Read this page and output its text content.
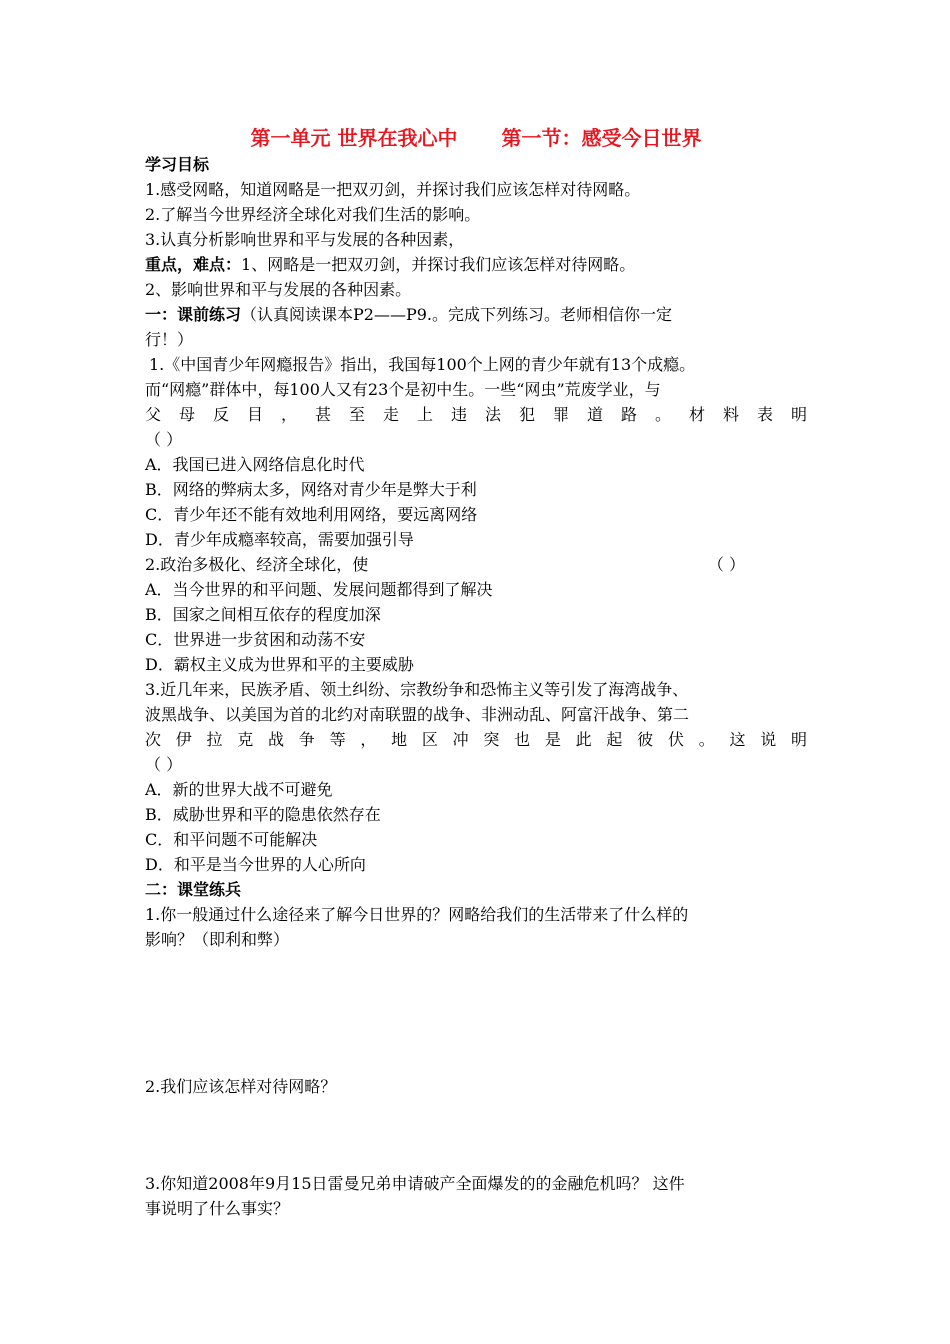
第一单元 世界在我心中 第一节：感受今日世界
学习目标
1.感受网略，知道网略是一把双刃剑，并探讨我们应该怎样对待网略。
2.了解当今世界经济全球化对我们生活的影响。
3.认真分析影响世界和平与发展的各种因素，
重点，难点：1、网略是一把双刃剑，并探讨我们应该怎样对待网略。
2、影响世界和平与发展的各种因素。
一：课前练习（认真阅读课本P2——P9.。完成下列练习。老师相信你一定
行！）
1.《中国青少年网瘾报告》指出，我国每100个上网的青少年就有13个成瘾。
而“网瘾”群体中，每100人又有23个是初中生。一些“网虫”荒废学业，与
父母反目，甚至走上违法犯罪道路。材料表明
（ ）
A．我国已进入网络信息化时代
B．网络的弊病太多，网络对青少年是弊大于利
C．青少年还不能有效地利用网络，要远离网络
D．青少年成瘾率较高，需要加强引导
2.政治多极化、经济全球化，使	（ ）
A．当今世界的和平问题、发展问题都得到了解决
B．国家之间相互依存的程度加深
C．世界进一步贫困和动荡不安
D．霸权主义成为世界和平的主要威胁
3.近几年来，民族矛盾、领土纠纷、宗教纷争和恐怖主义等引发了海湾战争、
波黑战争、以美国为首的北约对南联盟的战争、非洲动乱、阿富汗战争、第二
次伊拉克战争等，地区冲突也是此起彼伏。这说明
（ ）
A．新的世界大战不可避免
B．威胁世界和平的隐患依然存在
C．和平问题不可能解决
D．和平是当今世界的人心所向
二：课堂练兵
1.你一般通过什么途径来了解今日世界的？网略给我们的生活带来了什么样的
影响？（即利和弊）
2.我们应该怎样对待网略？
3.你知道2008年9月15日雷曼兄弟申请破产全面爆发的的金融危机吗？ 这件
事说明了什么事实？
